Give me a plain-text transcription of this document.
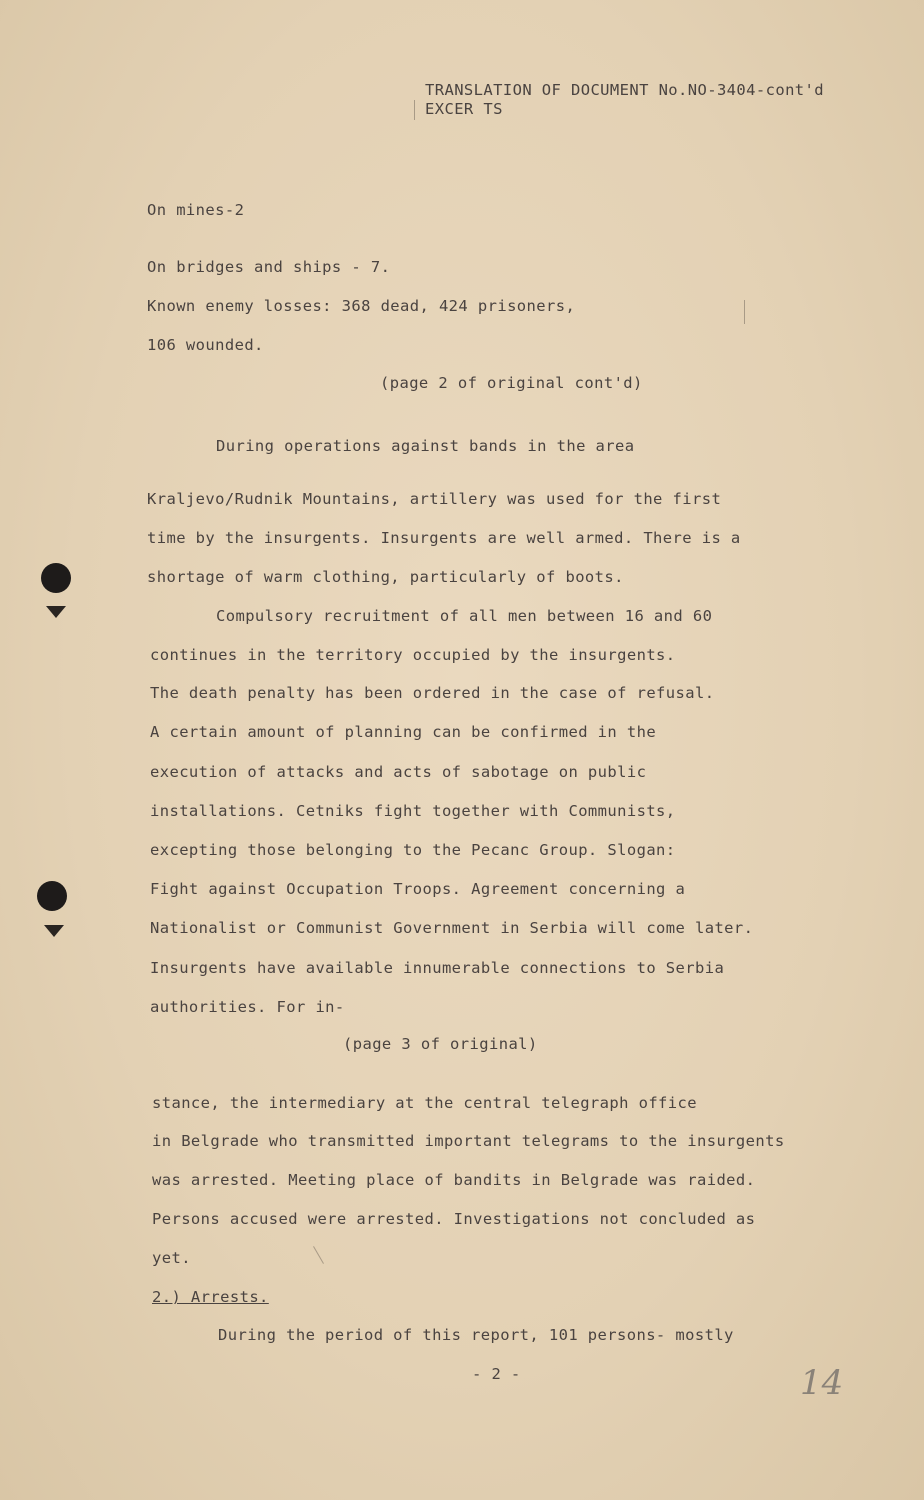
TRANSLATION OF DOCUMENT No.NO-3404-cont'd
EXCER TS
On mines-2
On bridges and ships - 7.
Known enemy losses: 368 dead, 424 prisoners,
106 wounded.
(page 2 of original cont'd)
During operations against bands in the area
Kraljevo/Rudnik Mountains, artillery was used for the first
time by the insurgents. Insurgents are well armed. There is a
shortage of warm clothing, particularly of boots.
Compulsory recruitment of all men between 16 and 60
continues in the territory occupied by the insurgents.
The death penalty has been ordered in the case of refusal.
A certain amount of planning can be confirmed in the
execution of attacks and acts of sabotage on public
installations. Cetniks fight together with Communists,
excepting those belonging to the Pecanc Group. Slogan:
Fight against Occupation Troops. Agreement concerning a
Nationalist or Communist Government in Serbia will come later.
Insurgents have available innumerable connections to Serbia
authorities. For in-
(page 3 of original)
stance, the intermediary at the central telegraph office
in Belgrade who transmitted important telegrams to the insurgents
was arrested. Meeting place of bandits in Belgrade was raided.
Persons accused were arrested. Investigations not concluded as
yet.
2.) Arrests.
During the period of this report, 101 persons- mostly
- 2 -	14
